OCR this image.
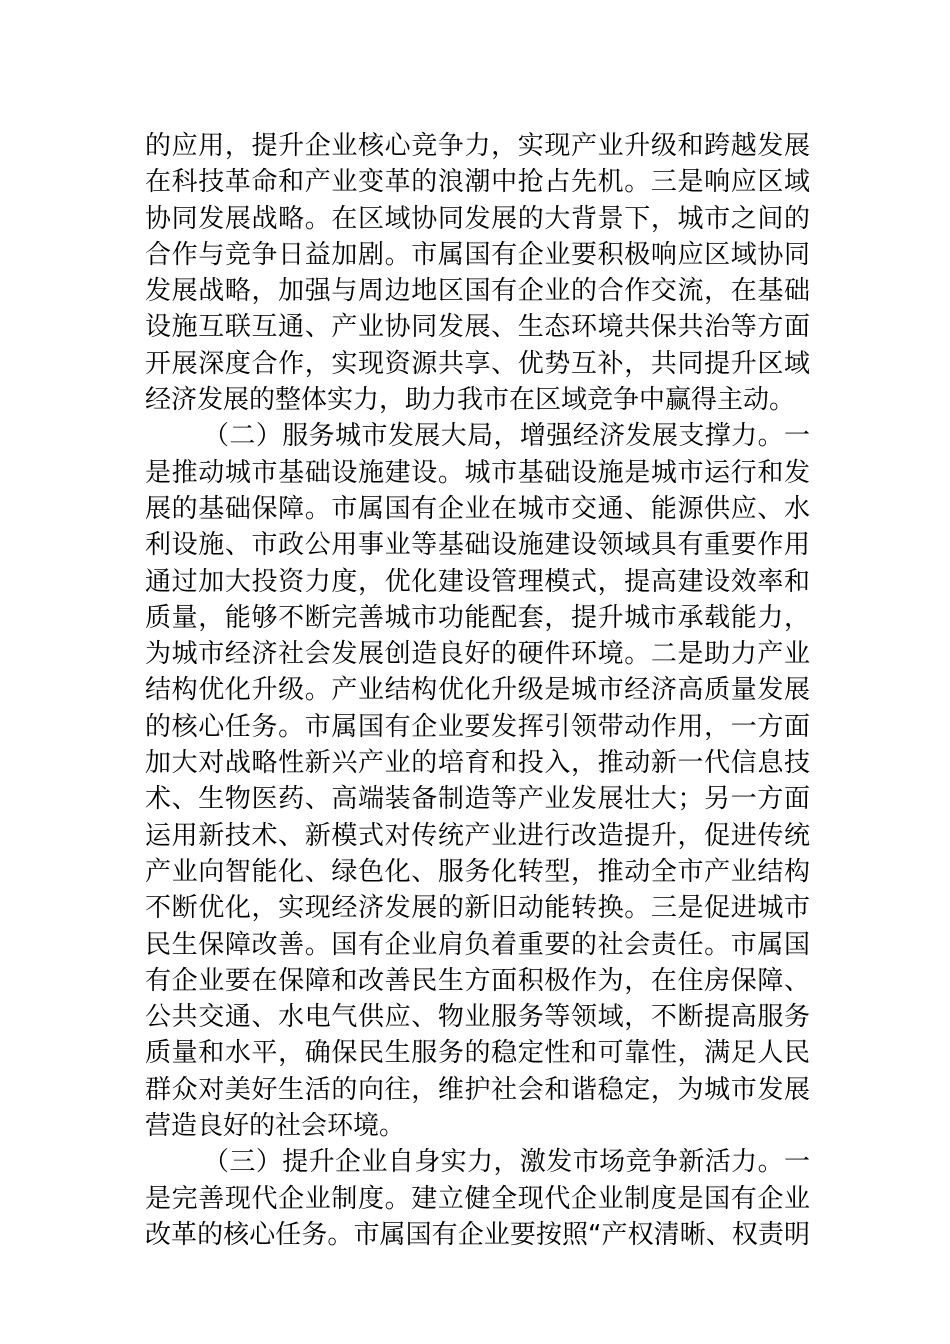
的应用，提升企业核心竞争力，实现产业升级和跨越发展
在科技革命和产业变革的浪潮中抢占先机。三是响应区域
协同发展战略。在区域协同发展的大背景下，城市之间的
合作与竞争日益加剧。市属国有企业要积极响应区域协同
发展战略，加强与周边地区国有企业的合作交流，在基础
设施互联互通、产业协同发展、生态环境共保共治等方面
开展深度合作，实现资源共享、优势互补，共同提升区域
经济发展的整体实力，助力我市在区域竞争中赢得主动。
（二）服务城市发展大局，增强经济发展支撑力。一
是推动城市基础设施建设。城市基础设施是城市运行和发
展的基础保障。市属国有企业在城市交通、能源供应、水
利设施、市政公用事业等基础设施建设领域具有重要作用
通过加大投资力度，优化建设管理模式，提高建设效率和
质量，能够不断完善城市功能配套，提升城市承载能力，
为城市经济社会发展创造良好的硬件环境。二是助力产业
结构优化升级。产业结构优化升级是城市经济高质量发展
的核心任务。市属国有企业要发挥引领带动作用，一方面
加大对战略性新兴产业的培育和投入，推动新一代信息技
术、生物医药、高端装备制造等产业发展壮大；另一方面
运用新技术、新模式对传统产业进行改造提升，促进传统
产业向智能化、绿色化、服务化转型，推动全市产业结构
不断优化，实现经济发展的新旧动能转换。三是促进城市
民生保障改善。国有企业肩负着重要的社会责任。市属国
有企业要在保障和改善民生方面积极作为，在住房保障、
公共交通、水电气供应、物业服务等领域，不断提高服务
质量和水平，确保民生服务的稳定性和可靠性，满足人民
群众对美好生活的向往，维护社会和谐稳定，为城市发展
营造良好的社会环境。
（三）提升企业自身实力，激发市场竞争新活力。一
是完善现代企业制度。建立健全现代企业制度是国有企业
改革的核心任务。市属国有企业要按照“产权清晰、权责明
